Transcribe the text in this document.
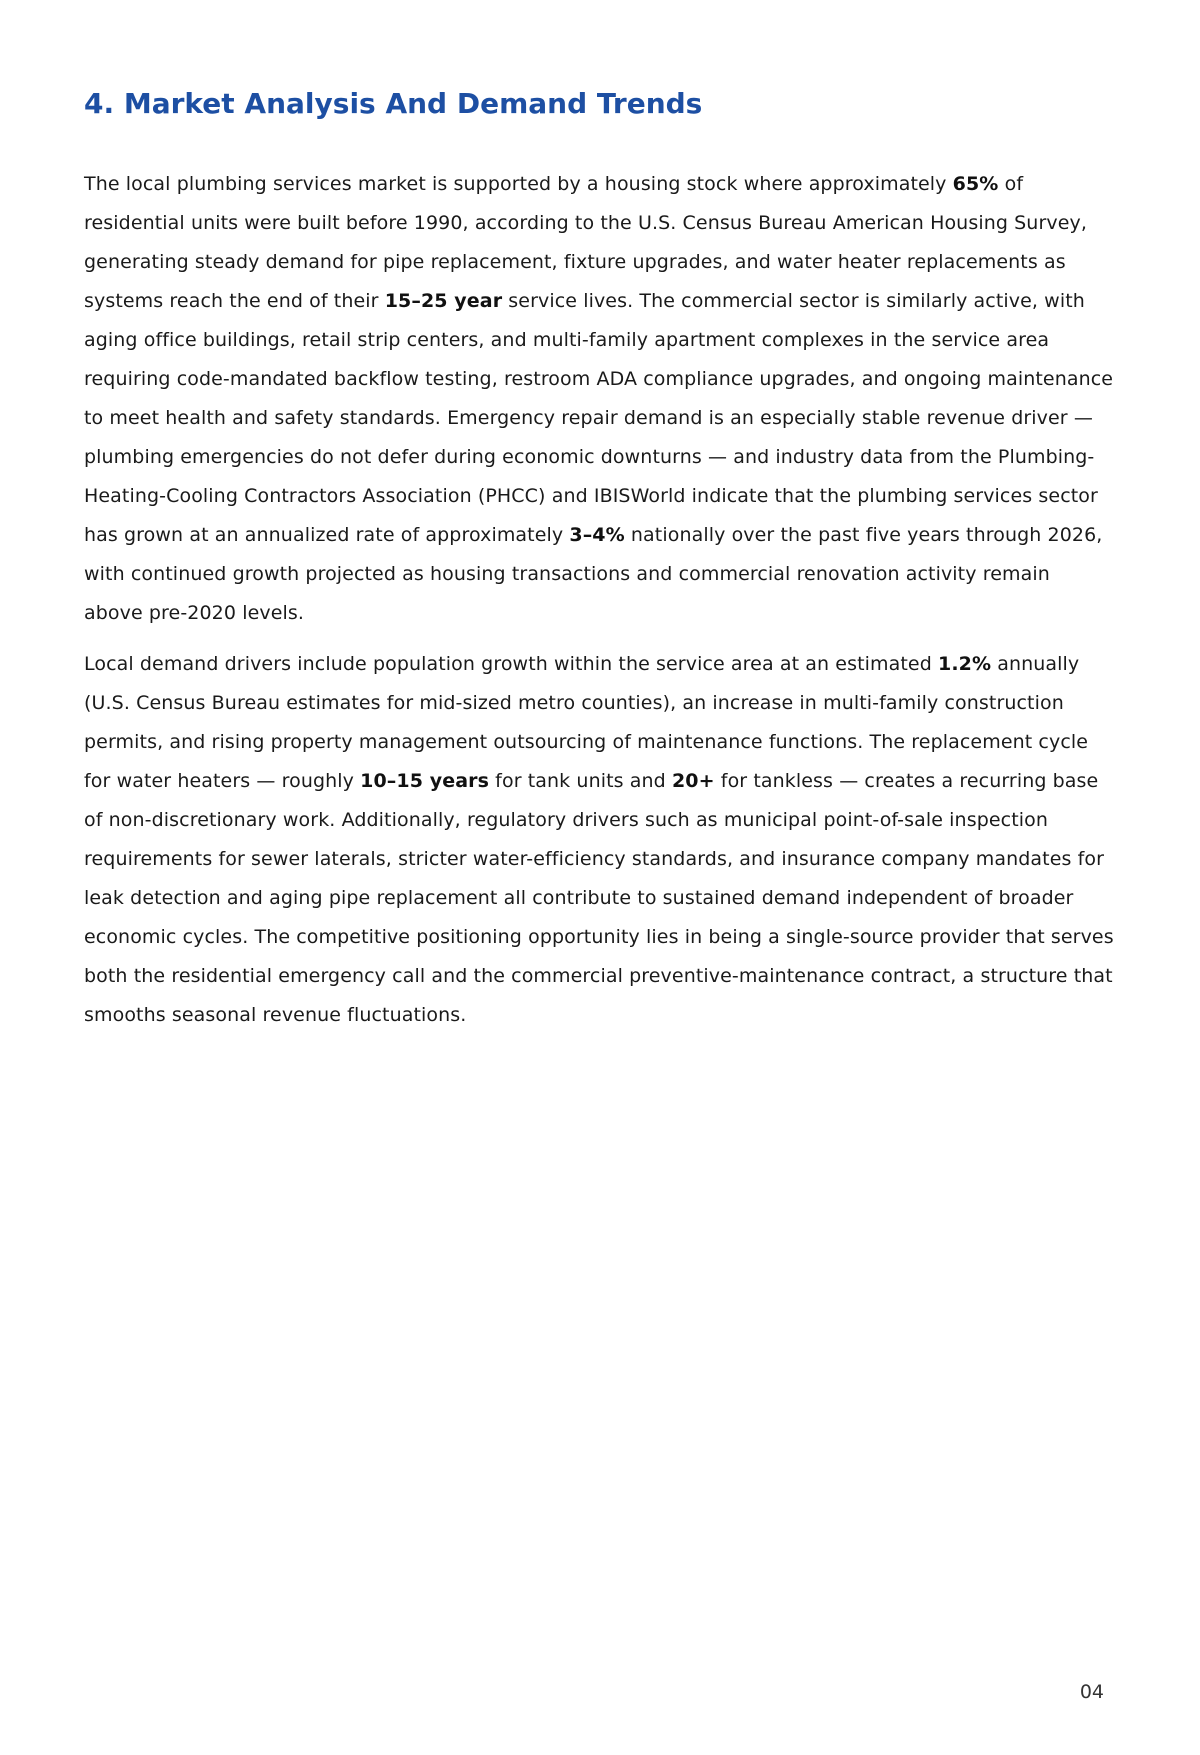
4. Market Analysis And Demand Trends

The local plumbing services market is supported by a housing stock where approximately 65% of residential units were built before 1990, according to the U.S. Census Bureau American Housing Survey, generating steady demand for pipe replacement, fixture upgrades, and water heater replacements as systems reach the end of their 15–25 year service lives. The commercial sector is similarly active, with aging office buildings, retail strip centers, and multi-family apartment complexes in the service area requiring code-mandated backflow testing, restroom ADA compliance upgrades, and ongoing maintenance to meet health and safety standards. Emergency repair demand is an especially stable revenue driver — plumbing emergencies do not defer during economic downturns — and industry data from the Plumbing-Heating-Cooling Contractors Association (PHCC) and IBISWorld indicate that the plumbing services sector has grown at an annualized rate of approximately 3–4% nationally over the past five years through 2026, with continued growth projected as housing transactions and commercial renovation activity remain above pre-2020 levels.

Local demand drivers include population growth within the service area at an estimated 1.2% annually (U.S. Census Bureau estimates for mid-sized metro counties), an increase in multi-family construction permits, and rising property management outsourcing of maintenance functions. The replacement cycle for water heaters — roughly 10–15 years for tank units and 20+ for tankless — creates a recurring base of non-discretionary work. Additionally, regulatory drivers such as municipal point-of-sale inspection requirements for sewer laterals, stricter water-efficiency standards, and insurance company mandates for leak detection and aging pipe replacement all contribute to sustained demand independent of broader economic cycles. The competitive positioning opportunity lies in being a single-source provider that serves both the residential emergency call and the commercial preventive-maintenance contract, a structure that smooths seasonal revenue fluctuations.

04
